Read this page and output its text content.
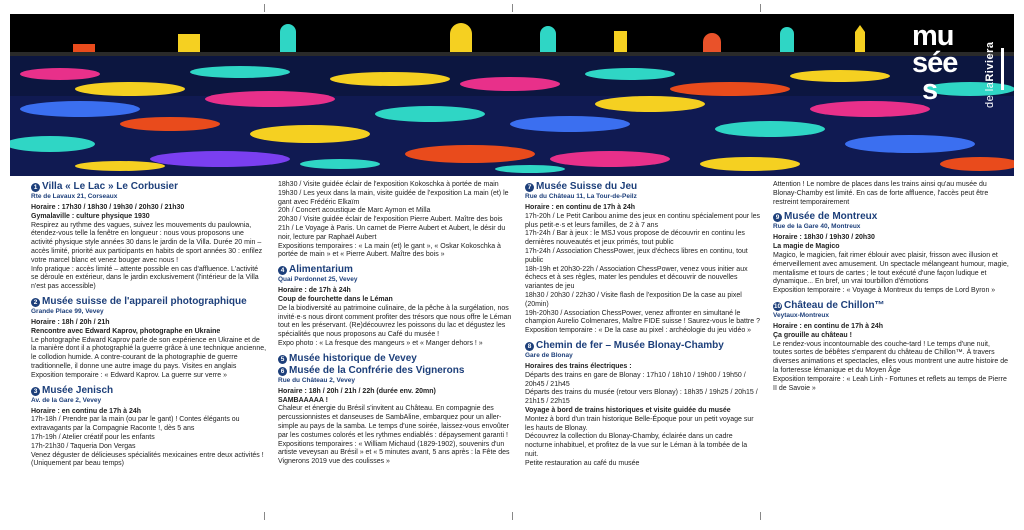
mu
sée
s	de laRiviera
1 Villa « Le Lac » Le Corbusier
Rte de Lavaux 21, Corseaux

Horaire : 17h30 / 18h30 / 19h30 / 20h30 / 21h30

Gymalaville : culture physique 1930

Respirez au rythme des vagues, suivez les mouvements du paulownia, étendez-vous telle la fenêtre en longueur : nous vous proposons une activité physique style années 30 dans le jardin de la Villa. Durée 20 min – accès limité, priorité aux participants en habits de sport années 30 : enfilez votre marcel blanc et venez bouger avec nous !

Info pratique : accès limité – attente possible en cas d'affluence. L'activité se déroule en extérieur, dans le jardin exclusivement (l'intérieur de la Villa n'est pas accessible)

2 Musée suisse de l'appareil photographique
Grande Place 99, Vevey

Horaire : 18h / 20h / 21h

Rencontre avec Edward Kaprov, photographe en Ukraine

Le photographe Edward Kaprov parle de son expérience en Ukraine et de la manière dont il a photographié la guerre grâce à une technique ancienne, le collodion humide. A contre-courant de la photographie de guerre traditionnelle, il donne une autre image du pays. Visites en anglais

Exposition temporaire : « Edward Kaprov. La guerre sur verre »

3 Musée Jenisch
Av. de la Gare 2, Vevey

Horaire : en continu de 17h à 24h

17h-18h / Prendre par la main (ou par le gant) ! Contes élégants ou extravagants par la Compagnie Raconte !, dès 5 ans

17h-19h / Atelier créatif pour les enfants

17h-21h30 / Taqueria Don Vergas

Venez déguster de délicieuses spécialités mexicaines entre deux activités ! (Uniquement par beau temps)

18h30 / Visite guidée éclair de l'exposition Kokoschka à portée de main

19h30 / Les yeux dans la main, visite guidée de l'exposition La main (et) le gant avec Frédéric Elkaïm

20h / Concert acoustique de Marc Aymon et Milla

20h30 / Visite guidée éclair de l'exposition Pierre Aubert. Maître des bois

21h / Le Voyage à Paris. Un carnet de Pierre Aubert et Aubert, le désir du noir, lecture par Raphaël Aubert

Expositions temporaires : « La main (et) le gant », « Oskar Kokoschka à portée de main » et « Pierre Aubert. Maître des bois »

4 Alimentarium
Quai Perdonnet 25, Vevey

Horaire : de 17h à 24h

Coup de fourchette dans le Léman

De la biodiversité au patrimoine culinaire, de la pêche à la surgélation, nos invité·e·s nous diront comment profiter des trésors que nous offre le Léman tout en les préservant. (Re)découvrez les poissons du lac et dégustez les spécialités que nous proposons au Café du musée !

Expo photo : « La fresque des mangeurs » et « Manger dehors ! »

5 Musée historique de Vevey
6 Musée de la Confrérie des Vignerons
Rue du Château 2, Vevey

Horaire : 18h / 20h / 21h / 22h (durée env. 20mn)

SAMBAAAAA !

Chaleur et énergie du Brésil s'invitent au Château. En compagnie des percussionnistes et danseuses de SambAline, embarquez pour un aller-simple au pays de la samba. Le temps d'une soirée, laissez-vous envoûter par les costumes colorés et les rythmes endiablés : dépaysement garanti !

Expositions temporaires : « William Michaud (1829-1902), souvenirs d'un artiste veveysan au Brésil » et « 5 minutes avant, 5 ans après : la Fête des Vignerons 2019 vue des coulisses »

7 Musée Suisse du Jeu
Rue du Château 11, La Tour-de-Peilz

Horaire : en continu de 17h à 24h

17h-20h / Le Petit Caribou anime des jeux en continu spécialement pour les plus petit·e·s et leurs familles, de 2 à 7 ans

17h-24h / Bar à jeux : le MSJ vous propose de découvrir en continu les dernières nouveautés et jeux primés, tout public

17h-24h / Association ChessPower, jeux d'échecs libres en continu, tout public

18h-19h et 20h30-22h / Association ChessPower, venez vous initier aux échecs et à ses règles, mater les pendules et découvrir de nouvelles variantes de jeu

18h30 / 20h30 / 22h30 / Visite flash de l'exposition De la case au pixel (20min)

19h-20h30 / Association ChessPower, venez affronter en simultané le champion Aurelio Colmenares, Maître FIDE suisse ! Saurez-vous le battre ?

Exposition temporaire : « De la case au pixel : archéologie du jeu vidéo »

8 Chemin de fer – Musée Blonay-Chamby
Gare de Blonay

Horaires des trains électriques :

Départs des trains en gare de Blonay : 17h10 / 18h10 / 19h00 / 19h50 / 20h45 / 21h45

Départs des trains du musée (retour vers Blonay) : 18h35 / 19h25 / 20h15 / 21h15 / 22h15

Voyage à bord de trains historiques et visite guidée du musée

Montez à bord d'un train historique Belle-Époque pour un petit voyage sur les hauts de Blonay.

Découvrez la collection du Blonay-Chamby, éclairée dans un cadre nocturne inhabituel, et profitez de la vue sur le Léman à la tombée de la nuit.

Petite restauration au café du musée

Attention ! Le nombre de places dans les trains ainsi qu'au musée du Blonay-Chamby est limité. En cas de forte affluence, l'accès peut être restreint temporairement

9 Musée de Montreux
Rue de la Gare 40, Montreux

Horaire : 18h30 / 19h30 / 20h30

La magie de Magico

Magico, le magicien, fait rimer éblouir avec plaisir, frisson avec illusion et émerveillement avec amusement. Un spectacle mélangeant humour, magie, mentalisme et tours de cartes ; le tout exécuté d'une façon ludique et dynamique... En bref, un vrai tourbillon d'émotions

Exposition temporaire : « Voyage à Montreux du temps de Lord Byron »

10 Château de Chillon™
Veytaux-Montreux

Horaire : en continu de 17h à 24h

Ça grouille au château !

Le rendez-vous incontournable des couche-tard ! Le temps d'une nuit, toutes sortes de bébêtes s'emparent du château de Chillon™. À travers diverses animations et spectacles, elles vous montrent une autre histoire de la forteresse lémanique et du Moyen Âge

Exposition temporaire : « Leah Linh - Fortunes et reflets au temps de Pierre II de Savoie »
